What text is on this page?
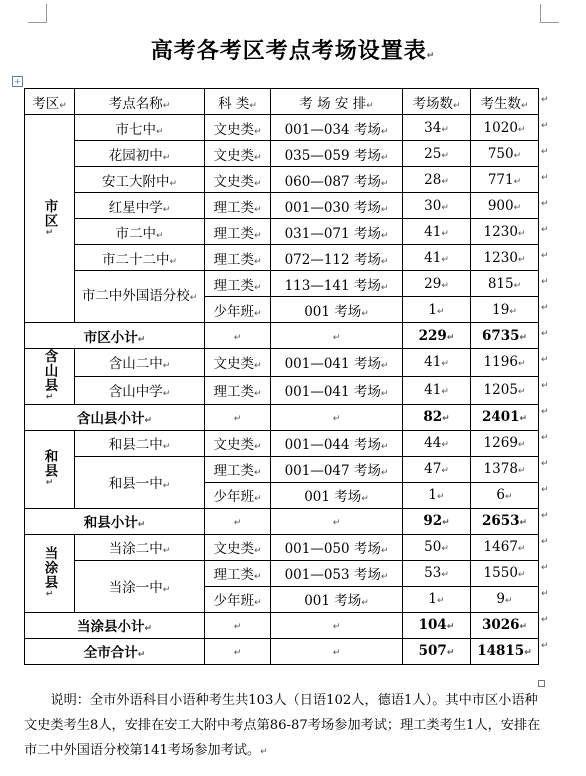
高考各考区考点考场设置表↵
+
考区↵	考点名称↵	科 类↵	考 场 安 排↵	考场数↵	考生数↵
市区↵	市七中↵	文史类↵	001—034 考场↵	34↵	1020↵
	花园初中↵	文史类↵	035—059 考场↵	25↵	750↵
	安工大附中↵	文史类↵	060—087 考场↵	28↵	771↵
	红星中学↵	理工类↵	001—030 考场↵	30↵	900↵
	市二中↵	理工类↵	031—071 考场↵	41↵	1230↵
	市二十二中↵	理工类↵	072—112 考场↵	41↵	1230↵
	市二中外国语分校↵	理工类↵	113—141 考场↵	29↵	815↵
		少年班↵	001 考场↵	1↵	19↵
市区小计↵		↵	↵	229↵	6735↵
含山县↵	含山二中↵	文史类↵	001—041 考场↵	41↵	1196↵
	含山中学↵	理工类↵	001—041 考场↵	41↵	1205↵
含山县小计↵		↵	↵	82↵	2401↵
和县↵	和县二中↵	文史类↵	001—044 考场↵	44↵	1269↵
	和县一中↵	理工类↵	001—047 考场↵	47↵	1378↵
		少年班↵	001 考场↵	1↵	6↵
和县小计↵		↵	↵	92↵	2653↵
当涂县↵	当涂二中↵	文史类↵	001—050 考场↵	50↵	1467↵
	当涂一中↵	理工类↵	001—053 考场↵	53↵	1550↵
		少年班↵	001 考场↵	1↵	9↵
当涂县小计↵		↵	↵	104↵	3026↵
全市合计↵		↵	↵	507↵	14815↵
↵
↵
↵
↵
↵
↵
↵
↵
↵
↵
↵
↵
↵
↵
↵
↵
↵
↵
↵
↵
↵
↵
说明：全市外语科目小语种考生共103人（日语102人，德语1人）。其中市区小语种文史类考生8人，安排在安工大附中考点第86-87考场参加考试；理工类考生1人，安排在市二中外国语分校第141考场参加考试。↵
